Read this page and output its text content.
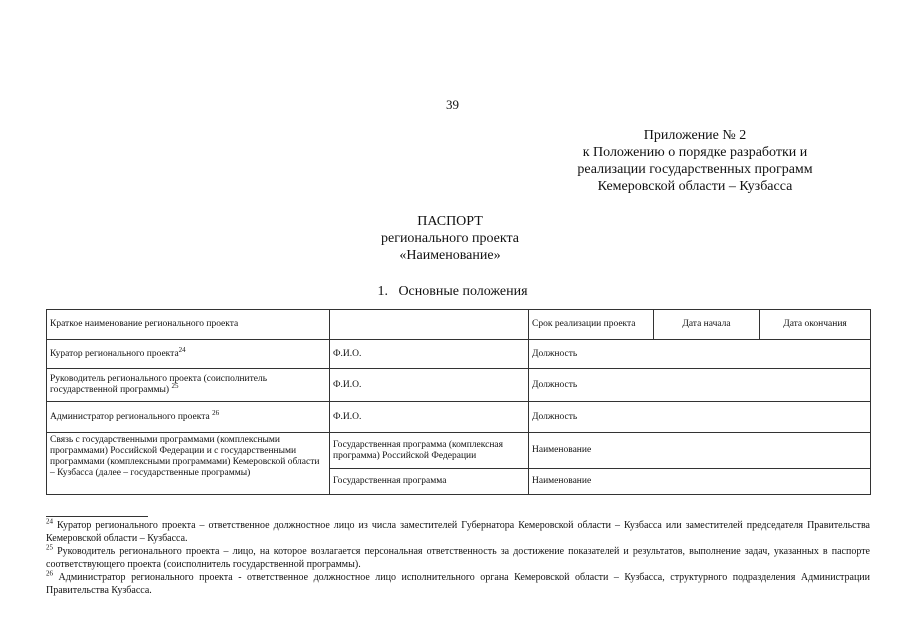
39
Приложение № 2
к Положению о порядке разработки и
реализации государственных программ
Кемеровской области – Кузбасса
ПАСПОРТ
регионального проекта
«Наименование»
1. Основные положения
Краткое наименование регионального проекта		Срок реализации проекта	Дата начала	Дата окончания
Куратор регионального проекта$^{24}$	Ф.И.О.	Должность		
Руководитель регионального проекта (соисполнитель государственной программы) $^{25}$	Ф.И.О.	Должность		
Администратор регионального проекта $^{26}$	Ф.И.О.	Должность		
Связь с государственными программами (комплексными программами) Российской Федерации и с государственными программами (комплексными программами) Кемеровской области – Кузбасса (далее – государственные программы)	Государственная программа (комплексная программа) Российской Федерации	Наименование		
	Государственная программа	Наименование		

$^{24}$ Куратор регионального проекта – ответственное должностное лицо из числа заместителей Губернатора Кемеровской области – Кузбасса или заместителей председателя Правительства Кемеровской области – Кузбасса.

$^{25}$ Руководитель регионального проекта – лицо, на которое возлагается персональная ответственность за достижение показателей и результатов, выполнение задач, указанных в паспорте соответствующего проекта (соисполнитель государственной программы).

$^{26}$ Администратор регионального проекта - ответственное должностное лицо исполнительного органа Кемеровской области – Кузбасса, структурного подразделения Администрации Правительства Кузбасса.
